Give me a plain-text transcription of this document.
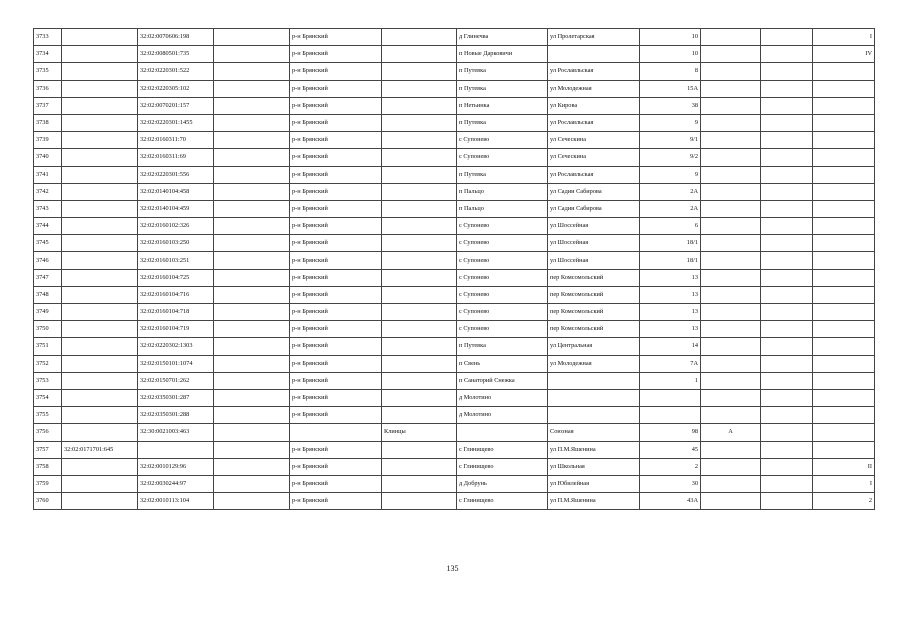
3733		32:02:0070606:198		р-н Брянский		д Глинечва	ул Пролетарская	10			I
3734		32:02:0080501:735		р-н Брянский		п Новые Дарковичи		10			IV
3735		32:02:0220301:522		р-н Брянский		п Путевка	ул Рославльская	8			
3736		32:02:0220305:102		р-н Брянский		п Путевка	ул Молодежная	15А			
3737		32:02:0070201:157		р-н Брянский		п Нетьинка	ул Кирова	38			
3738		32:02:0220301:1455		р-н Брянский		п Путевка	ул Рославльская	9			
3739		32:02:0160311:70		р-н Брянский		с Супонево	ул Сеческина	9/1			
3740		32:02:0160311:69		р-н Брянский		с Супонево	ул Сеческина	9/2			
3741		32:02:0220301:556		р-н Брянский		п Путевка	ул Рославльская	9			
3742		32:02:0140104:458		р-н Брянский		п Пальцо	ул Садии Сабирова	2А			
3743		32:02:0140104:459		р-н Брянский		п Пальцо	ул Садии Сабирова	2А			
3744		32:02:0160102:326		р-н Брянский		с Супонево	ул Шоссейная	6			
3745		32:02:0160103:250		р-н Брянский		с Супонево	ул Шоссейная	18/1			
3746		32:02:0160103:251		р-н Брянский		с Супонево	ул Шоссейная	18/1			
3747		32:02:0160104:725		р-н Брянский		с Супонево	пер Комсомольский	13			
3748		32:02:0160104:716		р-н Брянский		с Супонево	пер Комсомольский	13			
3749		32:02:0160104:718		р-н Брянский		с Супонево	пер Комсомольский	13			
3750		32:02:0160104:719		р-н Брянский		с Супонево	пер Комсомольский	13			
3751		32:02:0220302:1303		р-н Брянский		п Путевка	ул Центральная	14			
3752		32:02:0150101:1074		р-н Брянский		п Свень	ул Молодежная	7А			
3753		32:02:0150701:262		р-н Брянский		п Санаторий Снежка		1			
3754		32:02:0350301:287		р-н Брянский		д Молотино					
3755		32:02:0350301:288		р-н Брянский		д Молотино					
3756		32:30:0021003:463			Клинцы		Союзная	98	А		
3757	32:02:0171701:645			р-н Брянский		с Глинищево	ул П.М.Яшенина	45			
3758		32:02:0010129:96		р-н Брянский		с Глинищево	ул Школьная	2			II
3759		32:02:0030244:97		р-н Брянский		д Добрунь	ул Юбилейная	30			I
3760		32:02:0010113:104		р-н Брянский		с Глинищево	ул П.М.Яшенина	43А			2
135
